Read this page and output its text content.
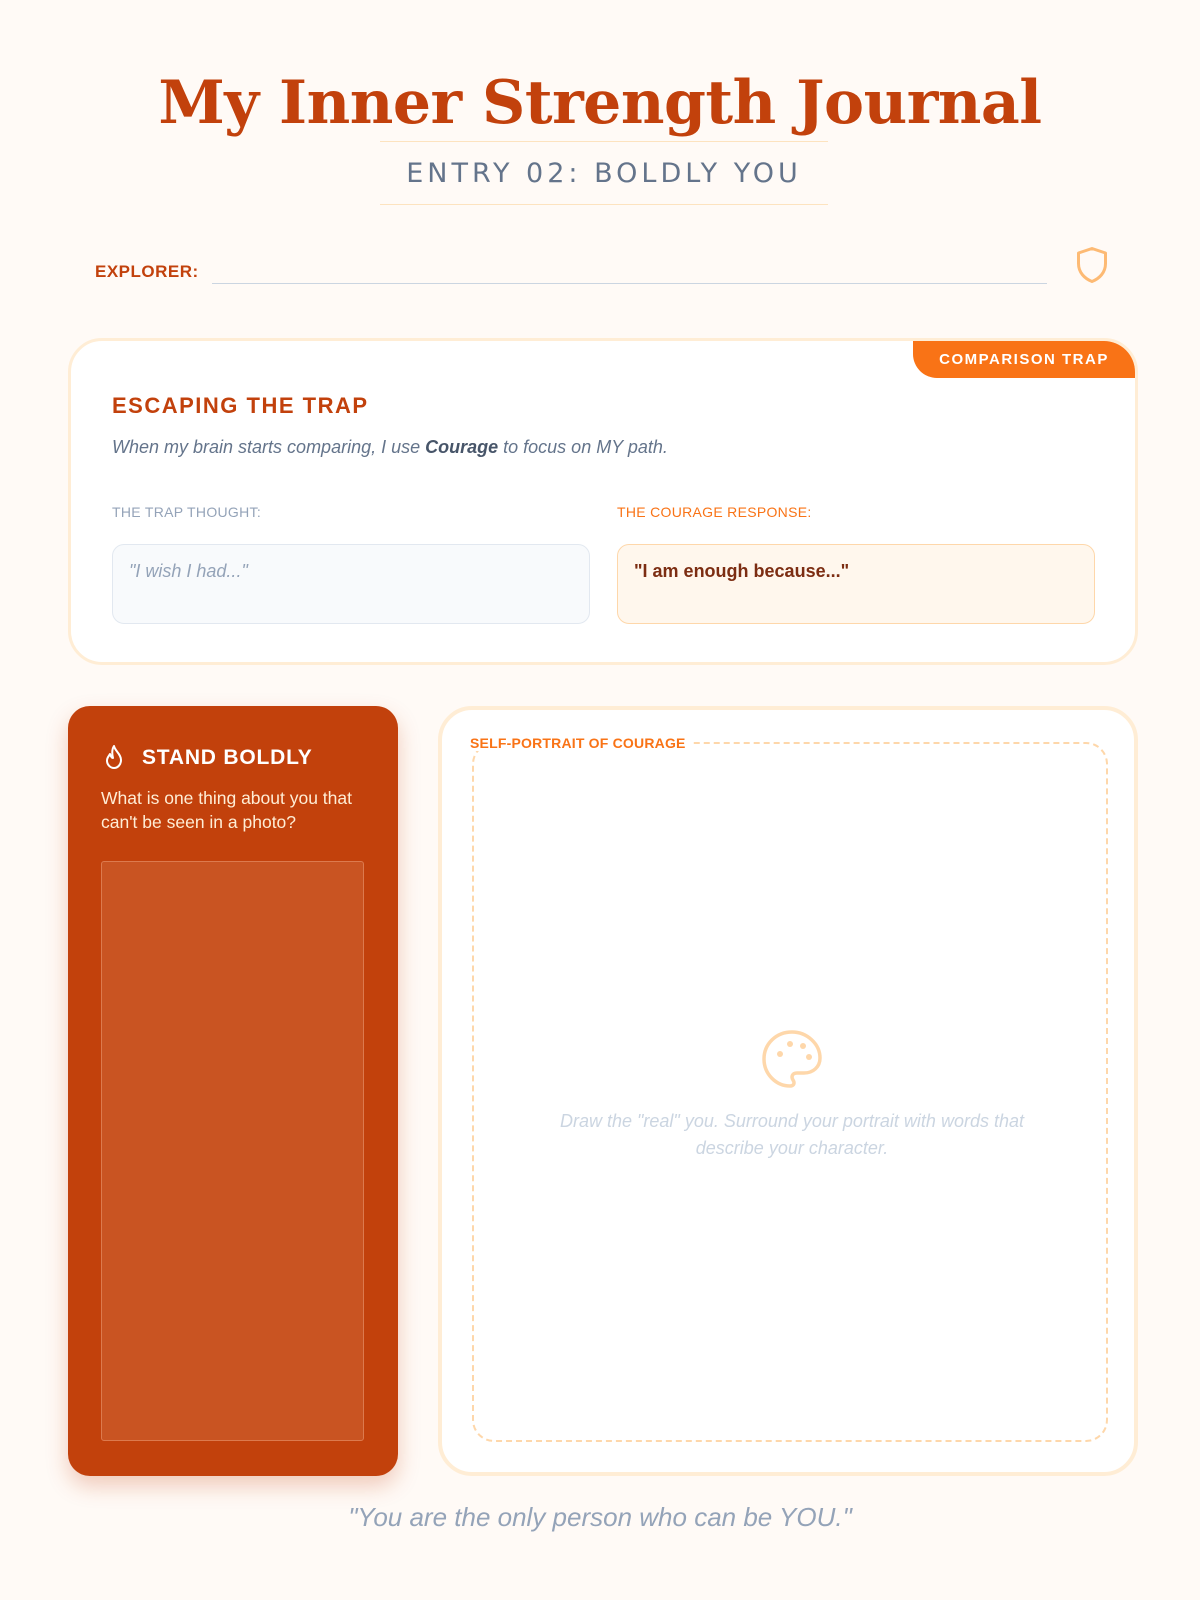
My Inner Strength Journal
ENTRY 02: BOLDLY YOU
EXPLORER:
COMPARISON TRAP
ESCAPING THE TRAP

When my brain starts comparing, I use Courage to focus on MY path.

THE TRAP THOUGHT:	THE COURAGE RESPONSE:
"I wish I had..."	"I am enough because..."
STAND BOLDLY

What is one thing about you that can't be seen in a photo?

SELF-PORTRAIT OF COURAGE

Draw the "real" you. Surround your portrait with words that describe your character.

"You are the only person who can be YOU."
